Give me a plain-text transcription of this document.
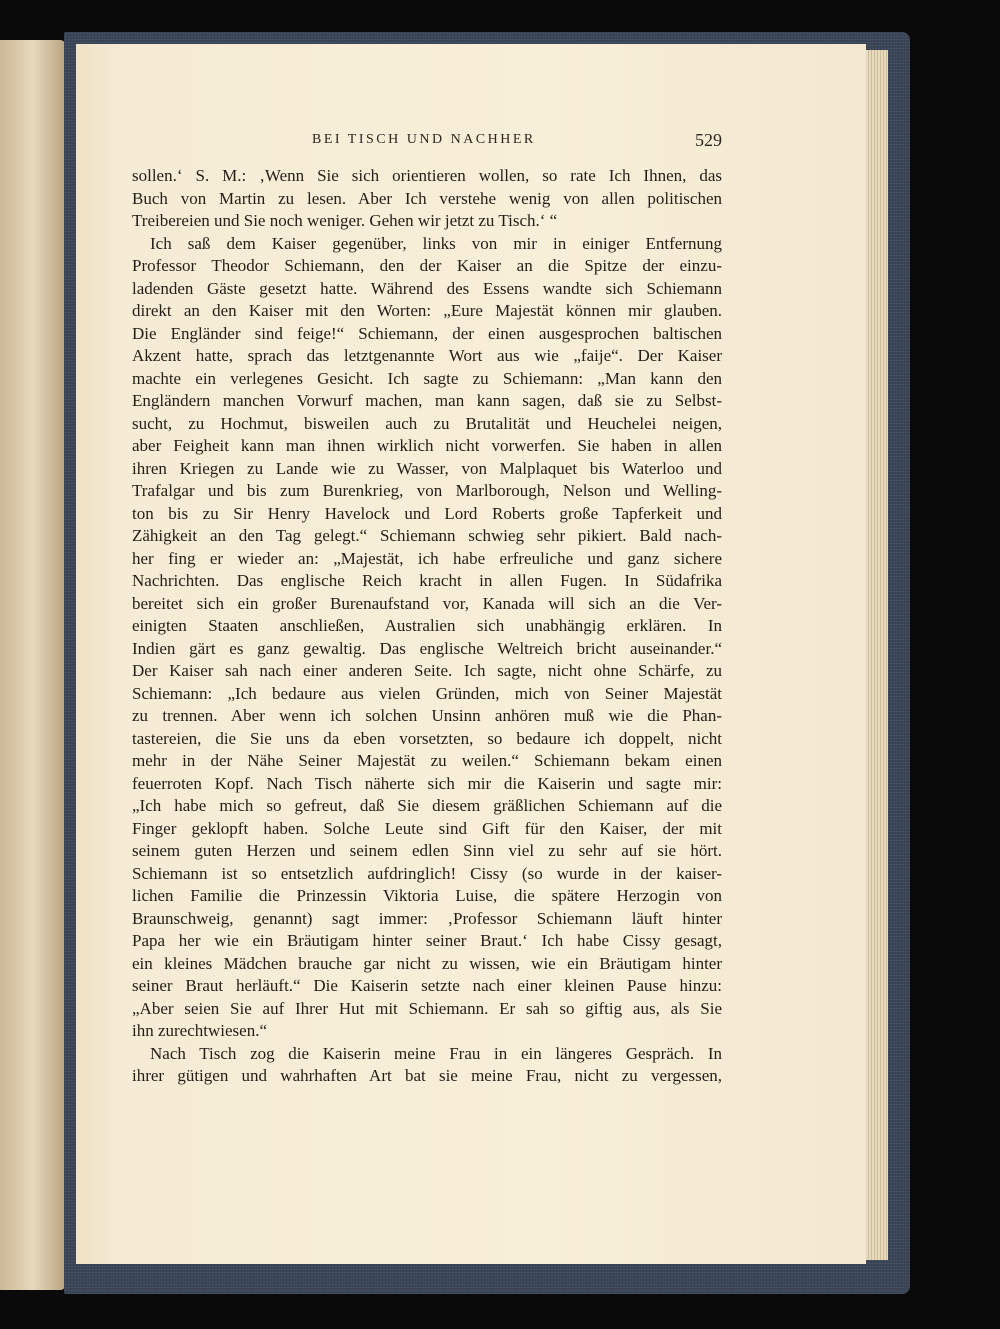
BEI TISCH UND NACHHER	529
sollen.‘ S. M.: ‚Wenn Sie sich orientieren wollen, so rate Ich Ihnen, das
Buch von Martin zu lesen. Aber Ich verstehe wenig von allen politischen
Treibereien und Sie noch weniger. Gehen wir jetzt zu Tisch.‘ “
Ich saß dem Kaiser gegenüber, links von mir in einiger Entfernung
Professor Theodor Schiemann, den der Kaiser an die Spitze der einzu-
ladenden Gäste gesetzt hatte. Während des Essens wandte sich Schiemann
direkt an den Kaiser mit den Worten: „Eure Majestät können mir glauben.
Die Engländer sind feige!“ Schiemann, der einen ausgesprochen baltischen
Akzent hatte, sprach das letztgenannte Wort aus wie „faije“. Der Kaiser
machte ein verlegenes Gesicht. Ich sagte zu Schiemann: „Man kann den
Engländern manchen Vorwurf machen, man kann sagen, daß sie zu Selbst-
sucht, zu Hochmut, bisweilen auch zu Brutalität und Heuchelei neigen,
aber Feigheit kann man ihnen wirklich nicht vorwerfen. Sie haben in allen
ihren Kriegen zu Lande wie zu Wasser, von Malplaquet bis Waterloo und
Trafalgar und bis zum Burenkrieg, von Marlborough, Nelson und Welling-
ton bis zu Sir Henry Havelock und Lord Roberts große Tapferkeit und
Zähigkeit an den Tag gelegt.“ Schiemann schwieg sehr pikiert. Bald nach-
her fing er wieder an: „Majestät, ich habe erfreuliche und ganz sichere
Nachrichten. Das englische Reich kracht in allen Fugen. In Südafrika
bereitet sich ein großer Burenaufstand vor, Kanada will sich an die Ver-
einigten Staaten anschließen, Australien sich unabhängig erklären. In
Indien gärt es ganz gewaltig. Das englische Weltreich bricht auseinander.“
Der Kaiser sah nach einer anderen Seite. Ich sagte, nicht ohne Schärfe, zu
Schiemann: „Ich bedaure aus vielen Gründen, mich von Seiner Majestät
zu trennen. Aber wenn ich solchen Unsinn anhören muß wie die Phan-
tastereien, die Sie uns da eben vorsetzten, so bedaure ich doppelt, nicht
mehr in der Nähe Seiner Majestät zu weilen.“ Schiemann bekam einen
feuerroten Kopf. Nach Tisch näherte sich mir die Kaiserin und sagte mir:
„Ich habe mich so gefreut, daß Sie diesem gräßlichen Schiemann auf die
Finger geklopft haben. Solche Leute sind Gift für den Kaiser, der mit
seinem guten Herzen und seinem edlen Sinn viel zu sehr auf sie hört.
Schiemann ist so entsetzlich aufdringlich! Cissy (so wurde in der kaiser-
lichen Familie die Prinzessin Viktoria Luise, die spätere Herzogin von
Braunschweig, genannt) sagt immer: ‚Professor Schiemann läuft hinter
Papa her wie ein Bräutigam hinter seiner Braut.‘ Ich habe Cissy gesagt,
ein kleines Mädchen brauche gar nicht zu wissen, wie ein Bräutigam hinter
seiner Braut herläuft.“ Die Kaiserin setzte nach einer kleinen Pause hinzu:
„Aber seien Sie auf Ihrer Hut mit Schiemann. Er sah so giftig aus, als Sie
ihn zurechtwiesen.“
Nach Tisch zog die Kaiserin meine Frau in ein längeres Gespräch. In
ihrer gütigen und wahrhaften Art bat sie meine Frau, nicht zu vergessen,
